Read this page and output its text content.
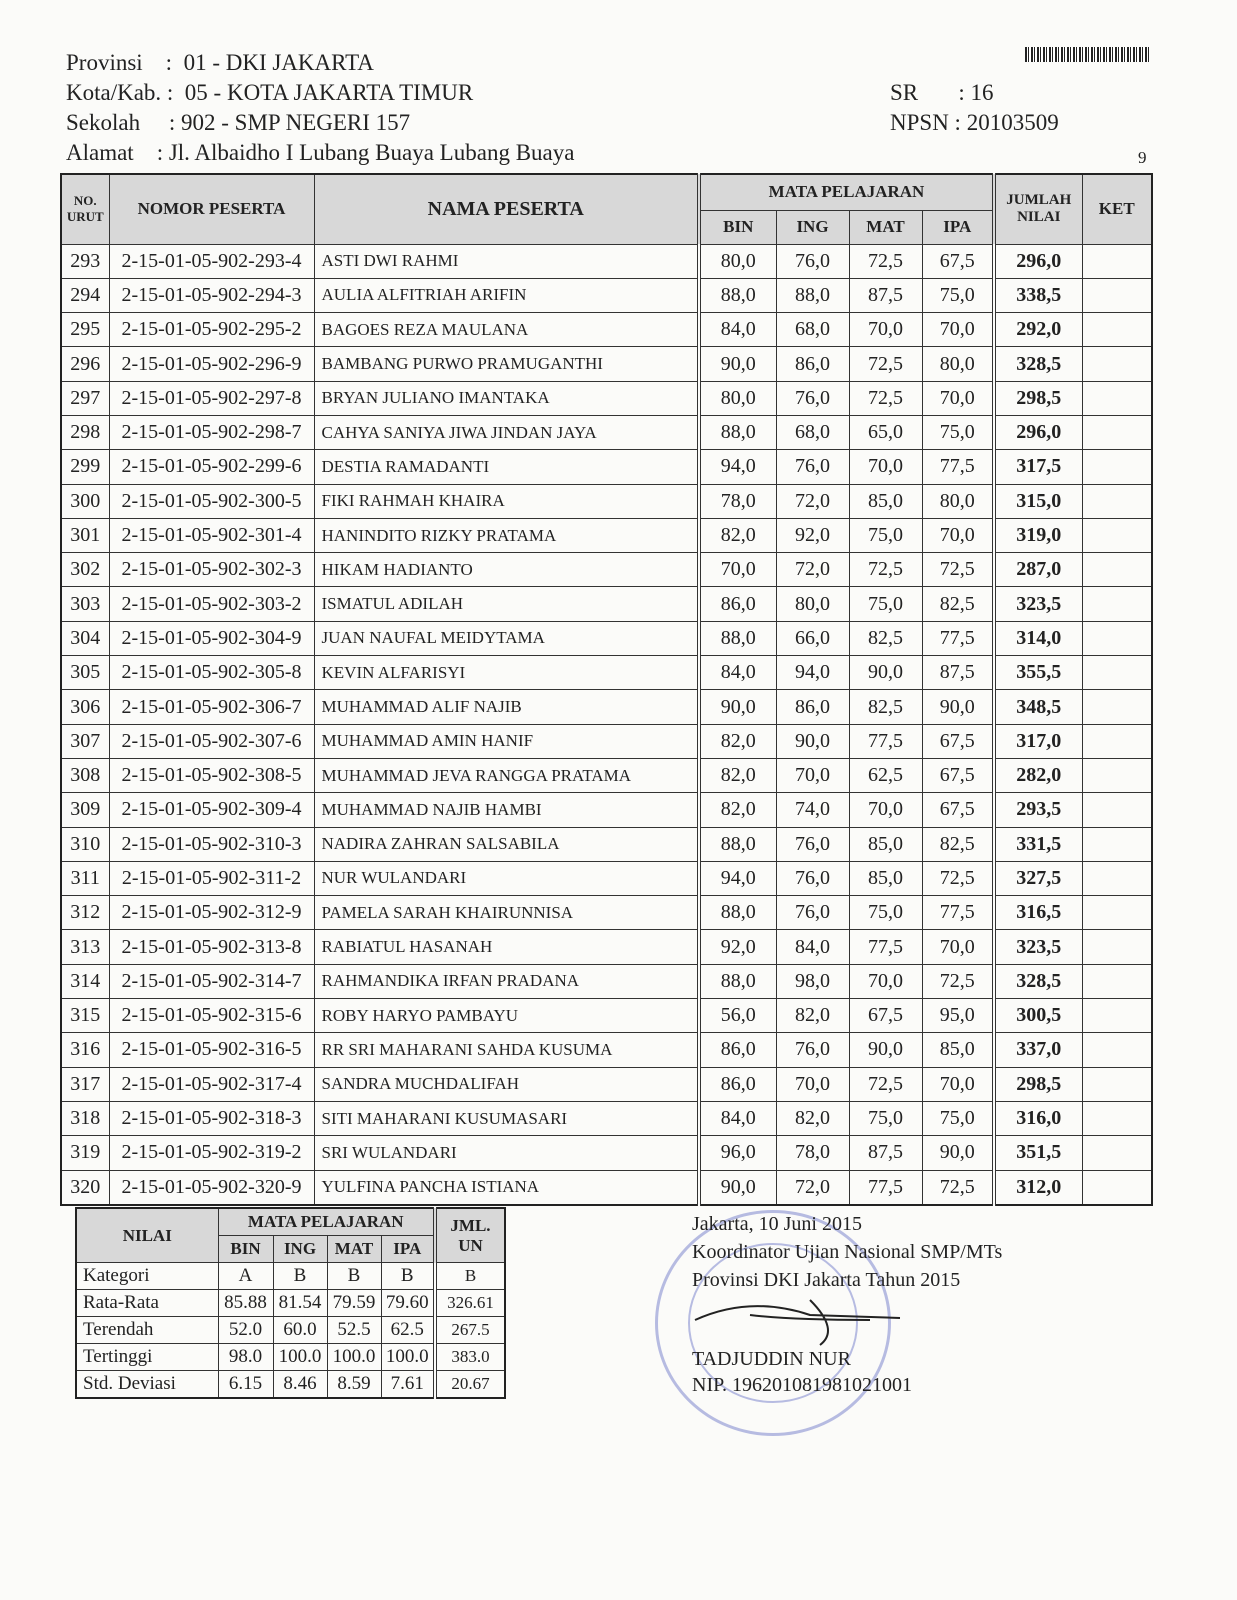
Provinsi    :  01 - DKI JAKARTA
Kota/Kab. :  05 - KOTA JAKARTA TIMUR
Sekolah     : 902 - SMP NEGERI 157
Alamat    : Jl. Albaidho I Lubang Buaya Lubang Buaya
SR       : 16
NPSN : 20103509
9
NO. URUT	NOMOR PESERTA	NAMA PESERTA	MATA PELAJARAN				JUMLAH NILAI	KET
			BIN	ING	MAT	IPA		
293	2-15-01-05-902-293-4	ASTI DWI RAHMI	80,0	76,0	72,5	67,5	296,0	
294	2-15-01-05-902-294-3	AULIA ALFITRIAH ARIFIN	88,0	88,0	87,5	75,0	338,5	
295	2-15-01-05-902-295-2	BAGOES REZA MAULANA	84,0	68,0	70,0	70,0	292,0	
296	2-15-01-05-902-296-9	BAMBANG PURWO PRAMUGANTHI	90,0	86,0	72,5	80,0	328,5	
297	2-15-01-05-902-297-8	BRYAN JULIANO IMANTAKA	80,0	76,0	72,5	70,0	298,5	
298	2-15-01-05-902-298-7	CAHYA SANIYA JIWA JINDAN JAYA	88,0	68,0	65,0	75,0	296,0	
299	2-15-01-05-902-299-6	DESTIA RAMADANTI	94,0	76,0	70,0	77,5	317,5	
300	2-15-01-05-902-300-5	FIKI RAHMAH KHAIRA	78,0	72,0	85,0	80,0	315,0	
301	2-15-01-05-902-301-4	HANINDITO RIZKY PRATAMA	82,0	92,0	75,0	70,0	319,0	
302	2-15-01-05-902-302-3	HIKAM HADIANTO	70,0	72,0	72,5	72,5	287,0	
303	2-15-01-05-902-303-2	ISMATUL ADILAH	86,0	80,0	75,0	82,5	323,5	
304	2-15-01-05-902-304-9	JUAN NAUFAL MEIDYTAMA	88,0	66,0	82,5	77,5	314,0	
305	2-15-01-05-902-305-8	KEVIN ALFARISYI	84,0	94,0	90,0	87,5	355,5	
306	2-15-01-05-902-306-7	MUHAMMAD ALIF NAJIB	90,0	86,0	82,5	90,0	348,5	
307	2-15-01-05-902-307-6	MUHAMMAD AMIN HANIF	82,0	90,0	77,5	67,5	317,0	
308	2-15-01-05-902-308-5	MUHAMMAD JEVA RANGGA PRATAMA	82,0	70,0	62,5	67,5	282,0	
309	2-15-01-05-902-309-4	MUHAMMAD NAJIB HAMBI	82,0	74,0	70,0	67,5	293,5	
310	2-15-01-05-902-310-3	NADIRA ZAHRAN SALSABILA	88,0	76,0	85,0	82,5	331,5	
311	2-15-01-05-902-311-2	NUR WULANDARI	94,0	76,0	85,0	72,5	327,5	
312	2-15-01-05-902-312-9	PAMELA SARAH KHAIRUNNISA	88,0	76,0	75,0	77,5	316,5	
313	2-15-01-05-902-313-8	RABIATUL HASANAH	92,0	84,0	77,5	70,0	323,5	
314	2-15-01-05-902-314-7	RAHMANDIKA IRFAN PRADANA	88,0	98,0	70,0	72,5	328,5	
315	2-15-01-05-902-315-6	ROBY HARYO PAMBAYU	56,0	82,0	67,5	95,0	300,5	
316	2-15-01-05-902-316-5	RR SRI MAHARANI SAHDA KUSUMA	86,0	76,0	90,0	85,0	337,0	
317	2-15-01-05-902-317-4	SANDRA MUCHDALIFAH	86,0	70,0	72,5	70,0	298,5	
318	2-15-01-05-902-318-3	SITI MAHARANI KUSUMASARI	84,0	82,0	75,0	75,0	316,0	
319	2-15-01-05-902-319-2	SRI WULANDARI	96,0	78,0	87,5	90,0	351,5	
320	2-15-01-05-902-320-9	YULFINA PANCHA ISTIANA	90,0	72,0	77,5	72,5	312,0	
NILAI	MATA PELAJARAN				JML. UN
	BIN	ING	MAT	IPA	
Kategori	A	B	B	B	B
Rata-Rata	85.88	81.54	79.59	79.60	326.61
Terendah	52.0	60.0	52.5	62.5	267.5
Tertinggi	98.0	100.0	100.0	100.0	383.0
Std. Deviasi	6.15	8.46	8.59	7.61	20.67
Jakarta, 10 Juni 2015
Koordinator Ujian Nasional SMP/MTs
Provinsi DKI Jakarta Tahun 2015
TADJUDDIN NUR
NIP. 196201081981021001
